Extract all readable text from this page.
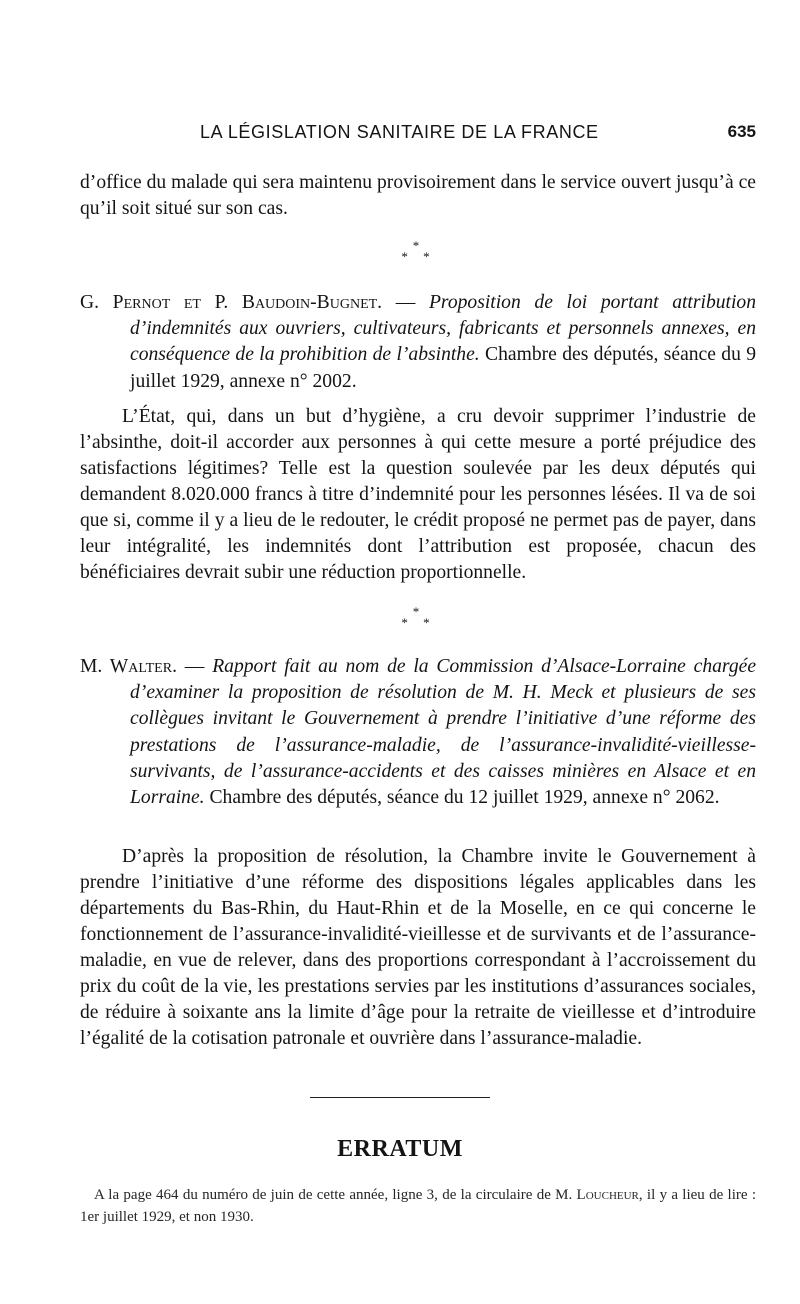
LA LÉGISLATION SANITAIRE DE LA FRANCE	635

d’office du malade qui sera maintenu provisoirement dans le service ouvert jusqu’à ce qu’il soit situé sur son cas.

*
* *

G. Pernot et P. Baudoin-Bugnet. — Proposition de loi portant attribution d’indemnités aux ouvriers, cultivateurs, fabricants et personnels annexes, en conséquence de la prohibition de l’absinthe. Chambre des députés, séance du 9 juillet 1929, annexe n° 2002.

L’État, qui, dans un but d’hygiène, a cru devoir supprimer l’industrie de l’absinthe, doit-il accorder aux personnes à qui cette mesure a porté préjudice des satisfactions légitimes? Telle est la question soulevée par les deux députés qui demandent 8.020.000 francs à titre d’indemnité pour les personnes lésées. Il va de soi que si, comme il y a lieu de le redouter, le crédit proposé ne permet pas de payer, dans leur intégralité, les indemnités dont l’attribution est proposée, chacun des bénéficiaires devrait subir une réduction proportionnelle.

*
* *

M. Walter. — Rapport fait au nom de la Commission d’Alsace-Lorraine chargée d’examiner la proposition de résolution de M. H. Meck et plusieurs de ses collègues invitant le Gouvernement à prendre l’initiative d’une réforme des prestations de l’assurance-maladie, de l’assurance-invalidité-vieillesse-survivants, de l’assurance-accidents et des caisses minières en Alsace et en Lorraine. Chambre des députés, séance du 12 juillet 1929, annexe n° 2062.

D’après la proposition de résolution, la Chambre invite le Gouvernement à prendre l’initiative d’une réforme des dispositions légales applicables dans les départements du Bas-Rhin, du Haut-Rhin et de la Moselle, en ce qui concerne le fonctionnement de l’assurance-invalidité-vieillesse et de survivants et de l’assurance-maladie, en vue de relever, dans des proportions correspondant à l’accroissement du prix du coût de la vie, les prestations servies par les institutions d’assurances sociales, de réduire à soixante ans la limite d’âge pour la retraite de vieillesse et d’introduire l’égalité de la cotisation patronale et ouvrière dans l’assurance-maladie.

ERRATUM

A la page 464 du numéro de juin de cette année, ligne 3, de la circulaire de M. Loucheur, il y a lieu de lire : 1er juillet 1929, et non 1930.
